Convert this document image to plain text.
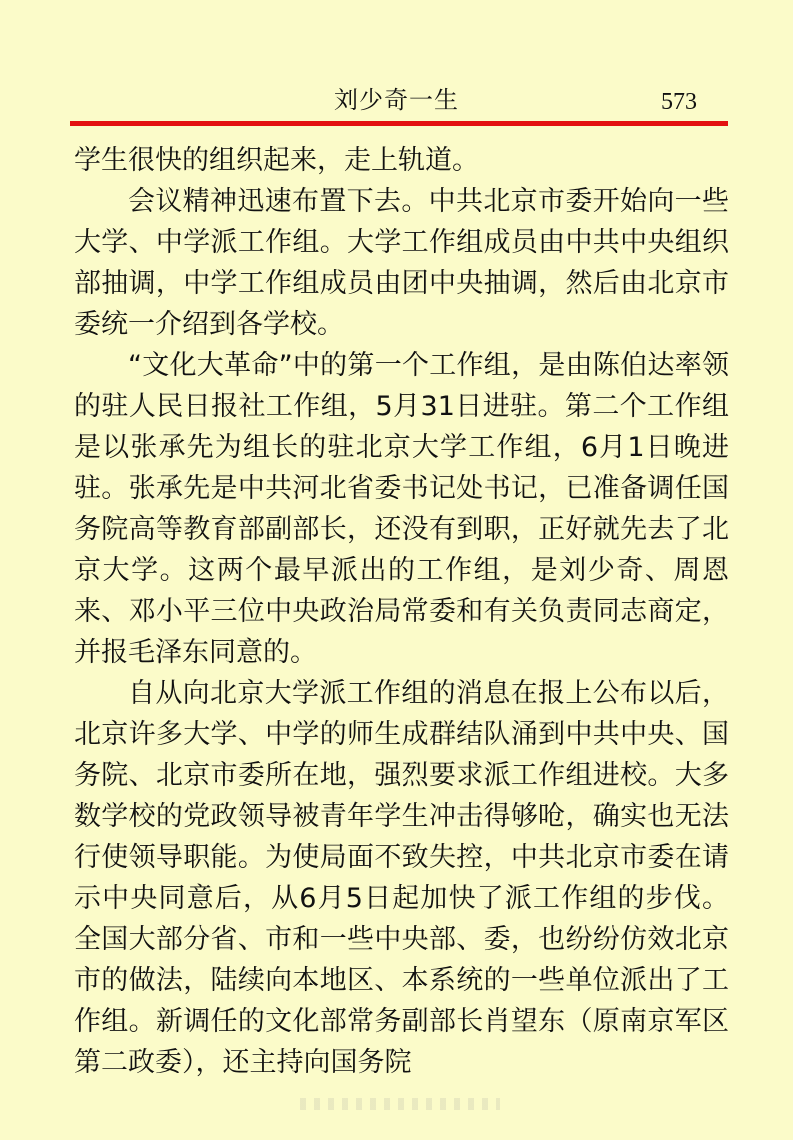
刘少奇一生	573

学生很快的组织起来，走上轨道。

会议精神迅速布置下去。中共北京市委开始向一些大学、中学派工作组。大学工作组成员由中共中央组织部抽调，中学工作组成员由团中央抽调，然后由北京市委统一介绍到各学校。

“文化大革命”中的第一个工作组，是由陈伯达率领的驻人民日报社工作组，5月31日进驻。第二个工作组是以张承先为组长的驻北京大学工作组，6月1日晚进驻。张承先是中共河北省委书记处书记，已准备调任国务院高等教育部副部长，还没有到职，正好就先去了北京大学。这两个最早派出的工作组，是刘少奇、周恩来、邓小平三位中央政治局常委和有关负责同志商定，并报毛泽东同意的。

自从向北京大学派工作组的消息在报上公布以后，北京许多大学、中学的师生成群结队涌到中共中央、国务院、北京市委所在地，强烈要求派工作组进校。大多数学校的党政领导被青年学生冲击得够呛，确实也无法行使领导职能。为使局面不致失控，中共北京市委在请示中央同意后，从6月5日起加快了派工作组的步伐。全国大部分省、市和一些中央部、委，也纷纷仿效北京市的做法，陆续向本地区、本系统的一些单位派出了工作组。新调任的文化部常务副部长肖望东（原南京军区第二政委），还主持向国务院
